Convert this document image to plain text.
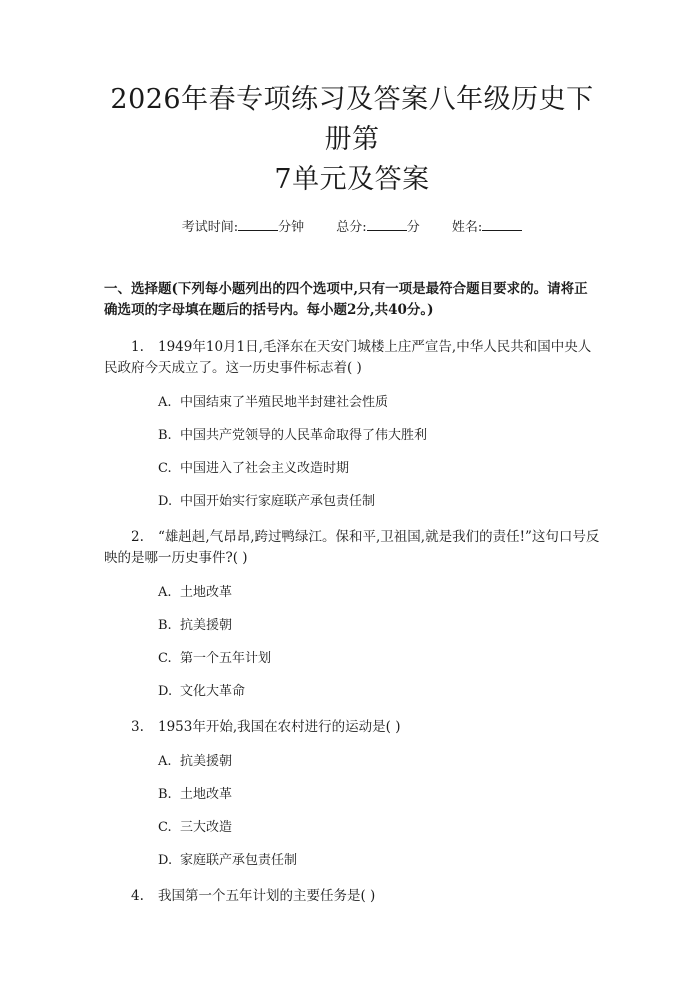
2026年春专项练习及答案八年级历史下册第
7单元及答案
考试时间:	分钟 总分:	分 姓名:
一、选择题(下列每小题列出的四个选项中,只有一项是最符合题目要求的。请将正确选项的字母填在题后的括号内。每小题2分,共40分。)
1. 1949年10月1日,毛泽东在天安门城楼上庄严宣告,中华人民共和国中央人民政府今天成立了。这一历史事件标志着( )
A. 中国结束了半殖民地半封建社会性质
B. 中国共产党领导的人民革命取得了伟大胜利
C. 中国进入了社会主义改造时期
D. 中国开始实行家庭联产承包责任制
2. “雄赳赳,气昂昂,跨过鸭绿江。保和平,卫祖国,就是我们的责任!”这句口号反映的是哪一历史事件?( )
A. 土地改革
B. 抗美援朝
C. 第一个五年计划
D. 文化大革命
3. 1953年开始,我国在农村进行的运动是( )
A. 抗美援朝
B. 土地改革
C. 三大改造
D. 家庭联产承包责任制
4. 我国第一个五年计划的主要任务是( )
